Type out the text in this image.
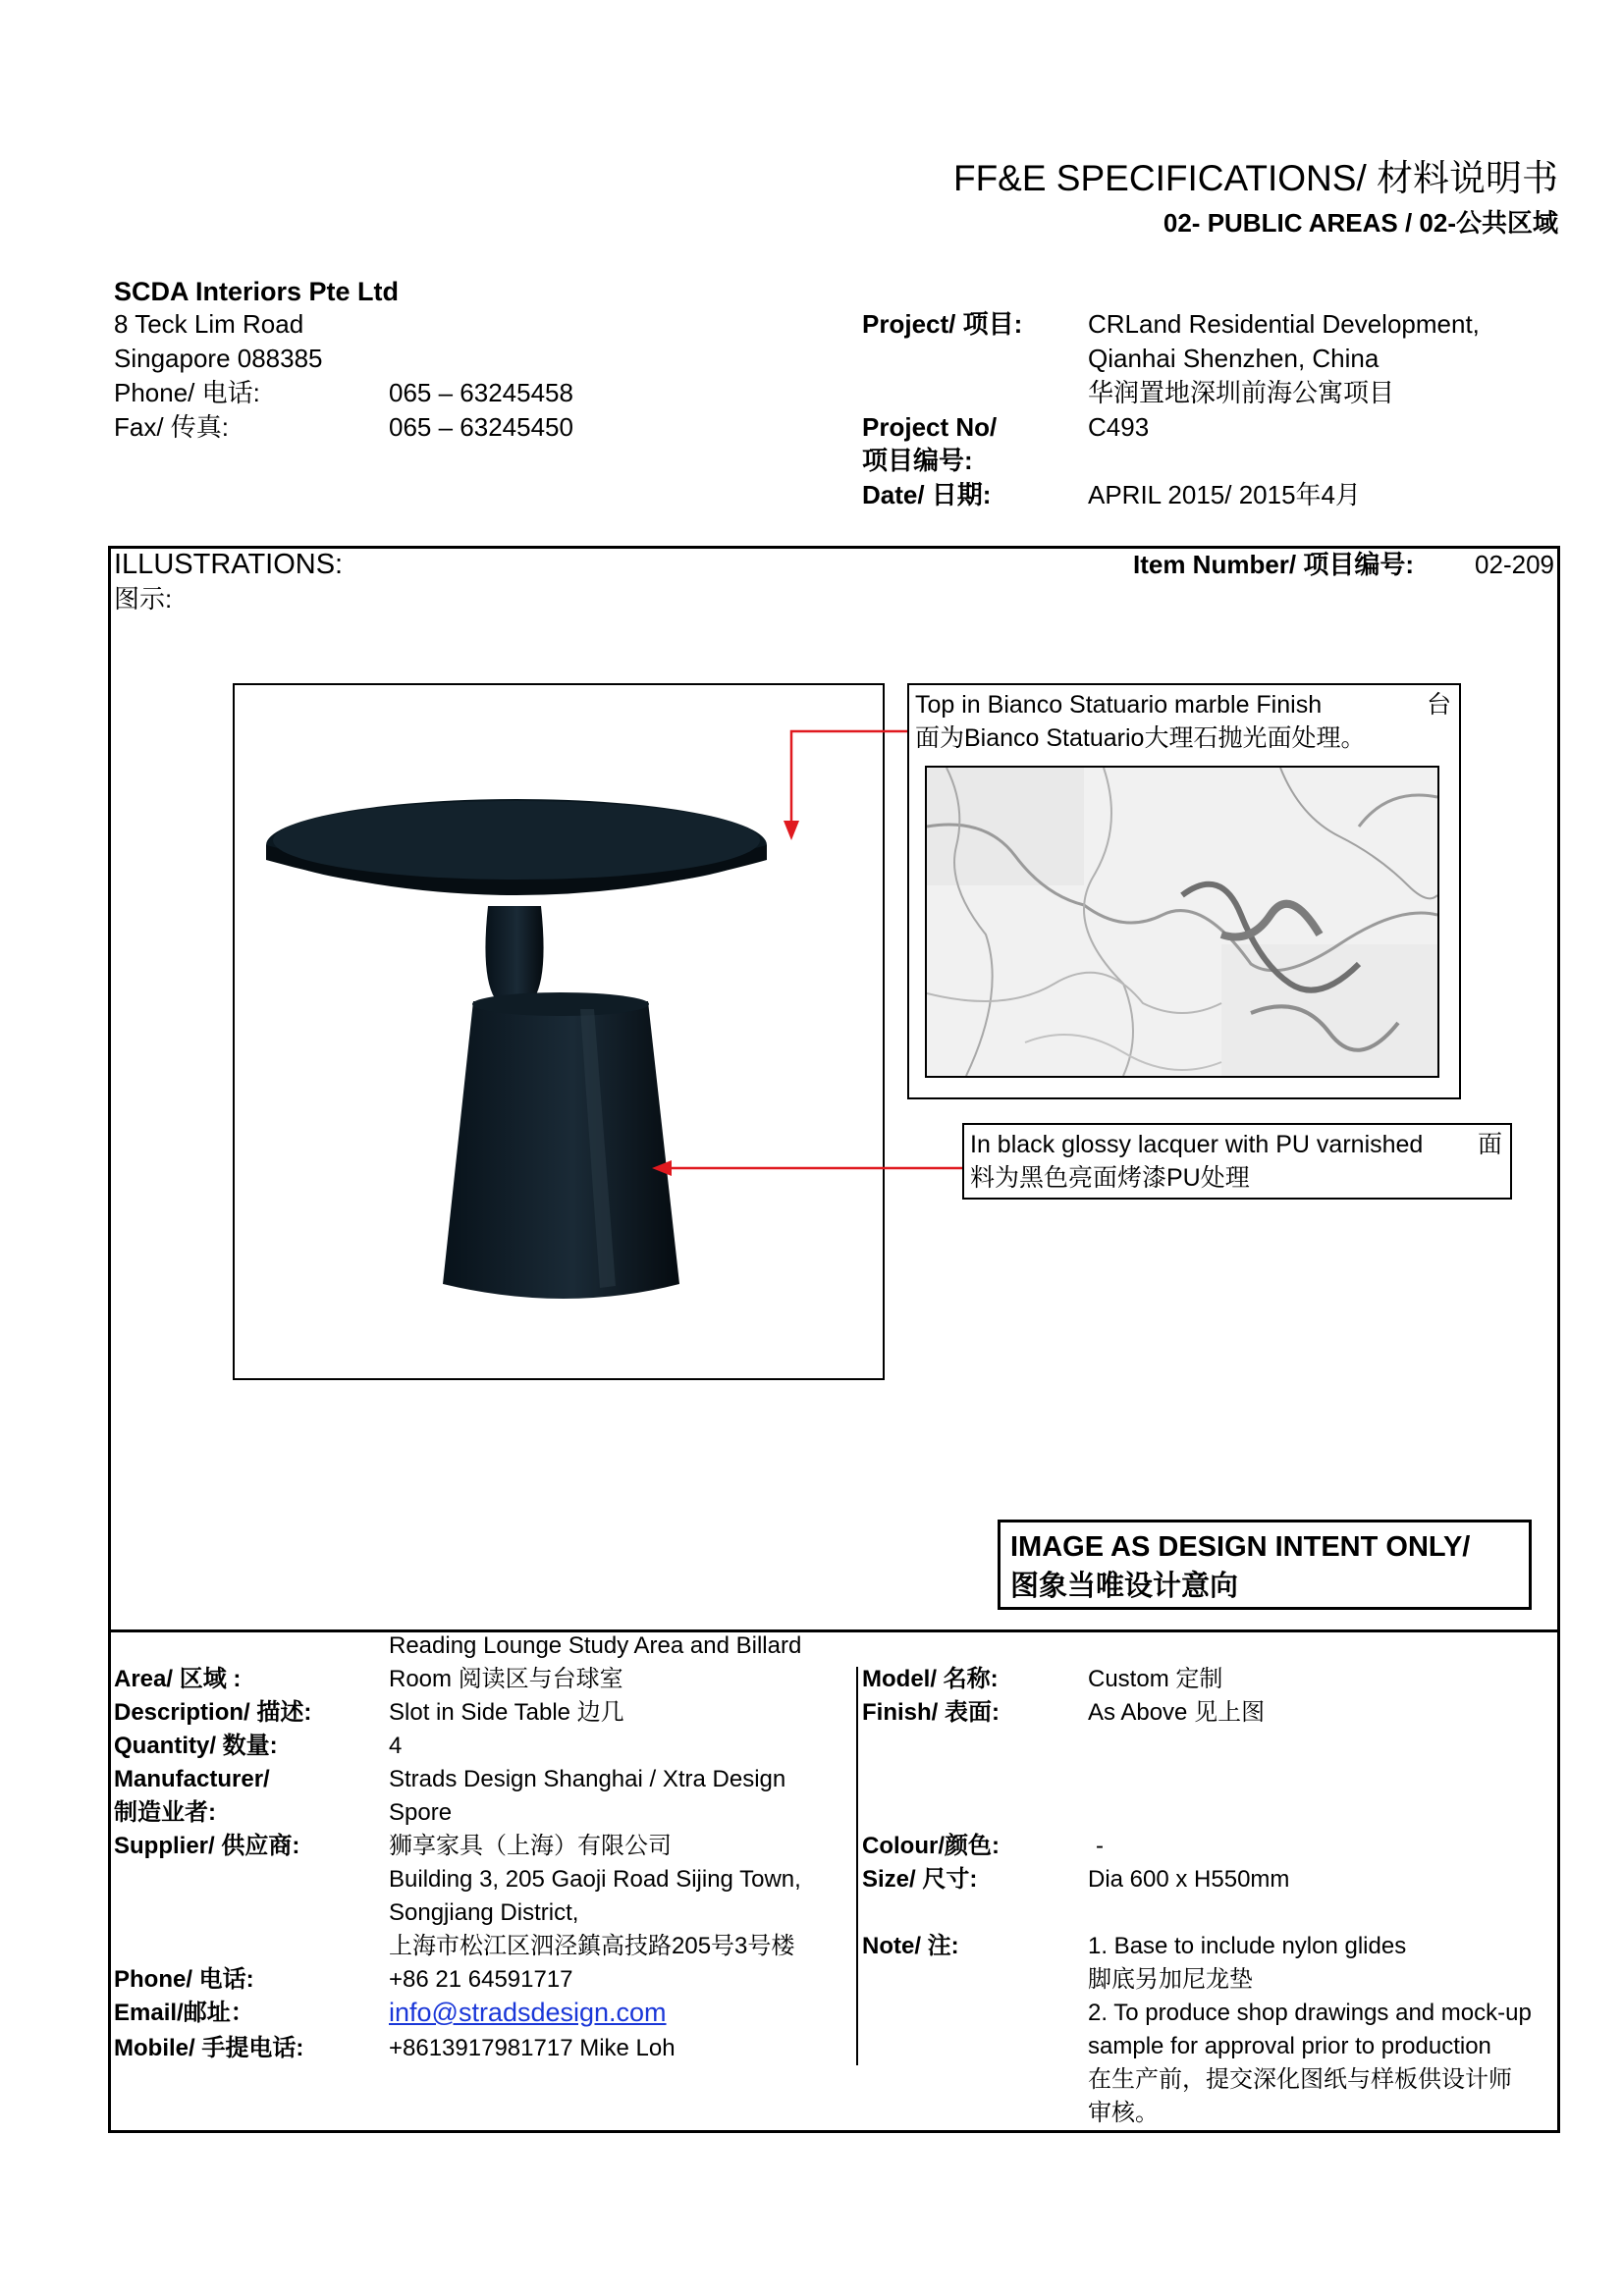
FF&E SPECIFICATIONS/ 材料说明书
02- PUBLIC AREAS / 02-公共区域
SCDA Interiors Pte Ltd
8 Teck Lim Road
Singapore 088385
Phone/ 电话:	065 – 63245458
Fax/ 传真:	065 – 63245450
Project/ 项目:	CRLand Residential Development,
Qianhai Shenzhen, China
华润置地深圳前海公寓项目
Project No/
项目编号:
C493
Date/ 日期:	APRIL 2015/ 2015年4月
ILLUSTRATIONS:
图示:
Item Number/ 项目编号: 02-209
Top in Bianco Statuario marble Finish	台
面为Bianco Statuario大理石抛光面处理。
In black glossy lacquer with PU varnished 面
料为黑色亮面烤漆PU处理
IMAGE AS DESIGN INTENT ONLY/
图象当唯设计意向
Reading Lounge Study Area and Billard
Area/ 区域 :	Room 阅读区与台球室
Description/ 描述:	Slot in Side Table 边几
Quantity/ 数量:	4
Manufacturer/	Strads Design Shanghai / Xtra Design
制造业者:	Spore
Supplier/ 供应商:	狮享家具（上海）有限公司
Building 3, 205 Gaoji Road Sijing Town,
Songjiang District,
上海市松江区泗泾鎮高技路205号3号楼
Phone/ 电话:	+86 21 64591717
Email/邮址：	info@stradsdesign.com
Mobile/ 手提电话:	+8613917981717 Mike Loh
Model/ 名称:	Custom 定制
Finish/ 表面:	As Above 见上图
Colour/颜色:	-
Size/ 尺寸:	Dia 600 x H550mm
Note/ 注:	1. Base to include nylon glides
脚底另加尼龙垫
2. To produce shop drawings and mock-up
sample for approval prior to production
在生产前，提交深化图纸与样板供设计师
审核。
